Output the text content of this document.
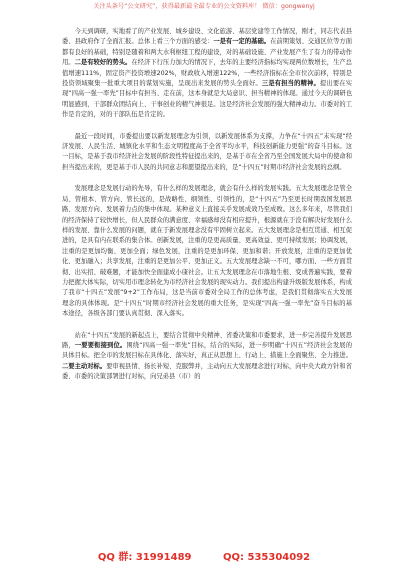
关注头条号“公文研究”，获得最新最全最专业的公文资料库！ 微信：gongwenyj

今天到调研，实地看了的产业发展、城乡建设、文化旅游、基层党建等工作情况，刚才，同志代表县委、县政府作了全面汇报。总体上看三个方面的感受：一是有一定的基础。在前期策划、交通区位等方面都有良好的基础，特别是随着和两大水利枢纽工程的建设，对的基础设施、产业发展产生了有力的带动作用。二是有较好的势头。在经济下行压力加大的情况下，去年的主要经济指标均实现两位数增长，生产总值增速111%，固定资产投资增速202%，财政收入增速122%，一些经济指标在全市位次前移，特别是投资领域聚集一批重大项目的谋划实施，呈现出来发展的势头全面好。三是有担当的精神。提出要在实现“四高一强一率先”目标中有担当、走在前，这本身就是大局意识、担当精神的体现。通过今天的调研也明显感到，干部群众团结向上、干事创业的精气神很足。这是经济社会发展的强大精神动力。市委对的工作是肯定的，对的干部队伍是肯定的。

最近一段时间，市委提出要以新发展理念为引领，以新发展体系为支撑，力争在“十四五”末实现“经济发展、人民生活、城镇化水平和生态文明程度高于全省平均水平，科技创新能力更强”的奋斗目标。这一目标，是基于我市经济社会发展的阶段性特征提出来的，是基于市在全省乃至全国发展大局中的使命和担当提出来的，更是基于市人民的共同意志和愿望提出来的，是“十四五”时期市经济社会发展的总纲。

发展理念是发展行动的先导，有什么样的发展理念，就会有什么样的发展实践。五大发展理念是管全局、管根本、管方向、管长远的，是战略性、纲领性、引领性的，是“十四五”乃至更长时期我国发展思路、发展方向、发展着力点的集中体现。某种意义上直接关乎发展成效乃至成败。这么多年来，尽管我们的经济保持了较快增长，但人民群众的满意度、幸福感却没有相应提升，根源就在于没有解决好发展什么样的发展、靠什么发展的问题，就在于新发展理念没有牢固树立起来。五大发展理念是相互贯通、相互促进的，是具有内在联系的集合体。创新发展，注重的是更高质量、更高效益、更可持续发展；协调发展，注重的是更加均衡、更加全面；绿色发展，注重的是更加环保、更加和谐；开放发展，注重的是更加优化、更加融入；共享发展，注重的是更加公平、更加正义。五大发展理念缺一不可，哪方面、一些方面贯彻、出实招、破难题，才能加快全面建成小康社会。让五大发展理念在市落地生根、变成普遍实践，要着力把握大体实际，切实用市理念转化为市经济社会发展的现实动力。我们提出构建升级版发展体系，构成了我市“十四五”发展“9+2”工作布局，这是当前市委对全局工作的总体考虑，是我们贯彻落实五大发展理念的具体体现。是“十四五”时期市经济社会发展的重大任务，是实现“四高一强一率先”奋斗目标的基本途径，各级各部门要认真贯彻、深入落实。

站在“十四五”发展的新起点上，要结合贯彻中央精神、省委决策和市委要求，进一步完善提升发展思路，一要要衔接到位。围绕“四高一强一率先”目标，结合的实际，进一步明确“十四五”经济社会发展的具体目标。把全市的发展目标在具体化、落实好，真正从思想上、行动上、措施上全面聚焦、全力推进。二要主动对标。要审视县情、扬长补短、克服弊并，主动向五大发展理念进行对标，向中央大政方针和省委、市委的决策部署进行对标，向兄弟县（市）的

QQ 群: 31991489	QQ: 535304092
